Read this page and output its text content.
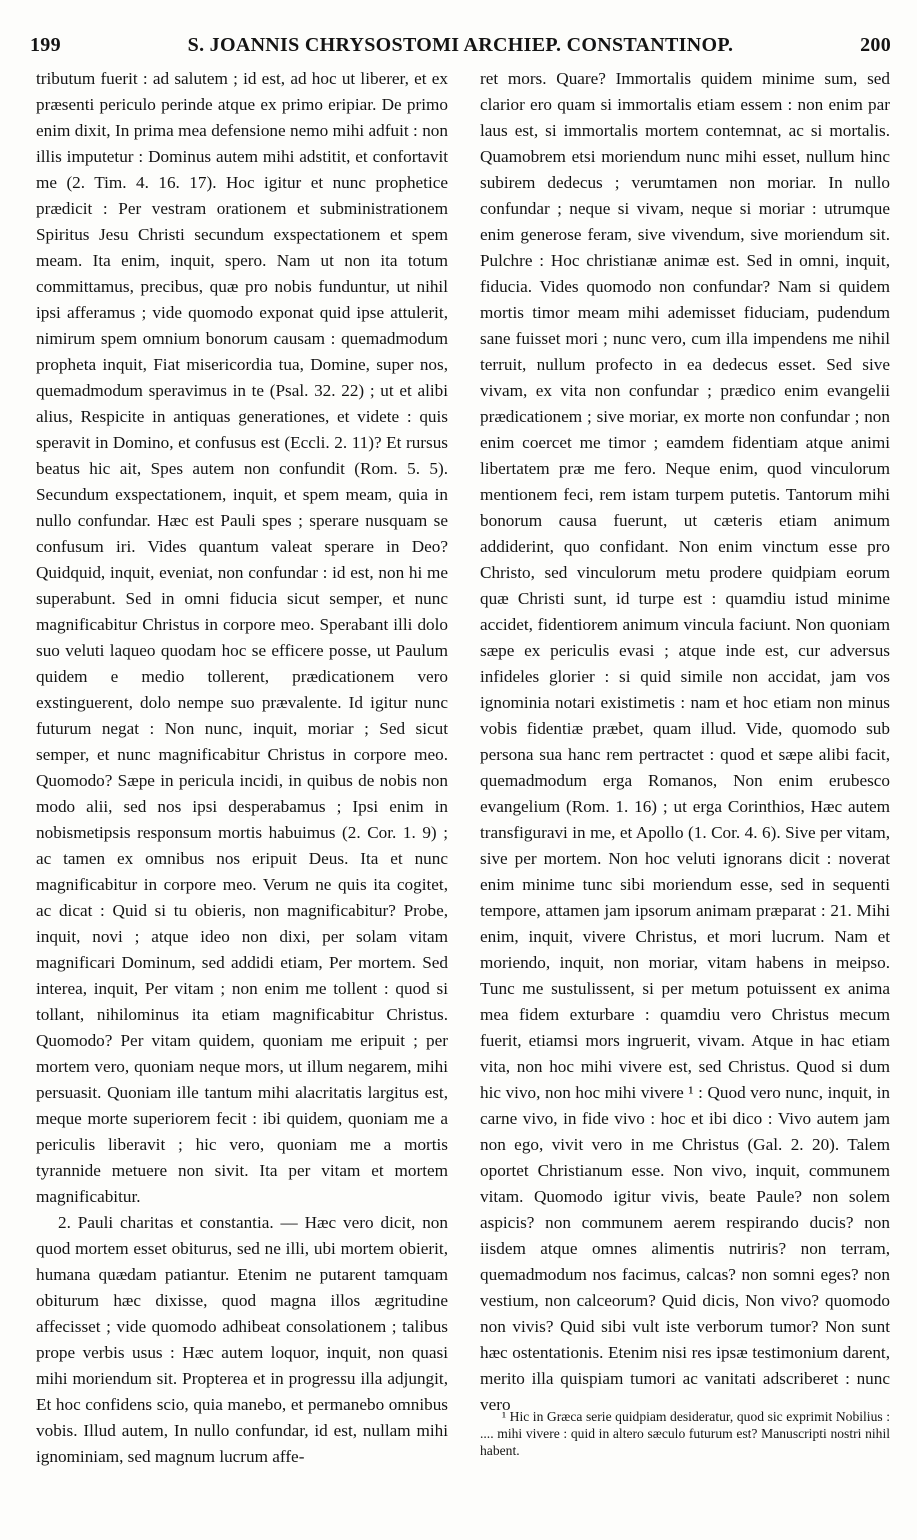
199	S. JOANNIS CHRYSOSTOMI ARCHIEP. CONSTANTINOP.	200

tributum fuerit : ad salutem ; id est, ad hoc ut liberer, et ex præsenti periculo perinde atque ex primo eripiar. De primo enim dixit, In prima mea defensione nemo mihi adfuit : non illis imputetur : Dominus autem mihi adstitit, et confortavit me (2. Tim. 4. 16. 17). Hoc igitur et nunc prophetice prædicit : Per vestram orationem et subministrationem Spiritus Jesu Christi secundum exspectationem et spem meam. Ita enim, inquit, spero. Nam ut non ita totum committamus, precibus, quæ pro nobis funduntur, ut nihil ipsi afferamus ; vide quomodo exponat quid ipse attulerit, nimirum spem omnium bonorum causam : quemadmodum propheta inquit, Fiat misericordia tua, Domine, super nos, quemadmodum speravimus in te (Psal. 32. 22) ; ut et alibi alius, Respicite in antiquas generationes, et videte : quis speravit in Domino, et confusus est (Eccli. 2. 11)? Et rursus beatus hic ait, Spes autem non confundit (Rom. 5. 5). Secundum exspectationem, inquit, et spem meam, quia in nullo confundar. Hæc est Pauli spes ; sperare nusquam se confusum iri. Vides quantum valeat sperare in Deo? Quidquid, inquit, eveniat, non confundar : id est, non hi me superabunt. Sed in omni fiducia sicut semper, et nunc magnificabitur Christus in corpore meo. Sperabant illi dolo suo veluti laqueo quodam hoc se efficere posse, ut Paulum quidem e medio tollerent, prædicationem vero exstinguerent, dolo nempe suo prævalente. Id igitur nunc futurum negat : Non nunc, inquit, moriar ; Sed sicut semper, et nunc magnificabitur Christus in corpore meo. Quomodo? Sæpe in pericula incidi, in quibus de nobis non modo alii, sed nos ipsi desperabamus ; Ipsi enim in nobismetipsis responsum mortis habuimus (2. Cor. 1. 9) ; ac tamen ex omnibus nos eripuit Deus. Ita et nunc magnificabitur in corpore meo. Verum ne quis ita cogitet, ac dicat : Quid si tu obieris, non magnificabitur? Probe, inquit, novi ; atque ideo non dixi, per solam vitam magnificari Dominum, sed addidi etiam, Per mortem. Sed interea, inquit, Per vitam ; non enim me tollent : quod si tollant, nihilominus ita etiam magnificabitur Christus. Quomodo? Per vitam quidem, quoniam me eripuit ; per mortem vero, quoniam neque mors, ut illum negarem, mihi persuasit. Quoniam ille tantum mihi alacritatis largitus est, meque morte superiorem fecit : ibi quidem, quoniam me a periculis liberavit ; hic vero, quoniam me a mortis tyrannide metuere non sivit. Ita per vitam et mortem magnificabitur.

2. Pauli charitas et constantia. — Hæc vero dicit, non quod mortem esset obiturus, sed ne illi, ubi mortem obierit, humana quædam patiantur. Etenim ne putarent tamquam obiturum hæc dixisse, quod magna illos ægritudine affecisset ; vide quomodo adhibeat consolationem ; talibus prope verbis usus : Hæc autem loquor, inquit, non quasi mihi moriendum sit. Propterea et in progressu illa adjungit, Et hoc confidens scio, quia manebo, et permanebo omnibus vobis. Illud autem, In nullo confundar, id est, nullam mihi ignominiam, sed magnum lucrum affe-

ret mors. Quare? Immortalis quidem minime sum, sed clarior ero quam si immortalis etiam essem : non enim par laus est, si immortalis mortem contemnat, ac si mortalis. Quamobrem etsi moriendum nunc mihi esset, nullum hinc subirem dedecus ; verumtamen non moriar. In nullo confundar ; neque si vivam, neque si moriar : utrumque enim generose feram, sive vivendum, sive moriendum sit. Pulchre : Hoc christianæ animæ est. Sed in omni, inquit, fiducia. Vides quomodo non confundar? Nam si quidem mortis timor meam mihi ademisset fiduciam, pudendum sane fuisset mori ; nunc vero, cum illa impendens me nihil terruit, nullum profecto in ea dedecus esset. Sed sive vivam, ex vita non confundar ; prædico enim evangelii prædicationem ; sive moriar, ex morte non confundar ; non enim coercet me timor ; eamdem fidentiam atque animi libertatem præ me fero. Neque enim, quod vinculorum mentionem feci, rem istam turpem putetis. Tantorum mihi bonorum causa fuerunt, ut cæteris etiam animum addiderint, quo confidant. Non enim vinctum esse pro Christo, sed vinculorum metu prodere quidpiam eorum quæ Christi sunt, id turpe est : quamdiu istud minime accidet, fidentiorem animum vincula faciunt. Non quoniam sæpe ex periculis evasi ; atque inde est, cur adversus infideles glorier : si quid simile non accidat, jam vos ignominia notari existimetis : nam et hoc etiam non minus vobis fidentiæ præbet, quam illud. Vide, quomodo sub persona sua hanc rem pertractet : quod et sæpe alibi facit, quemadmodum erga Romanos, Non enim erubesco evangelium (Rom. 1. 16) ; ut erga Corinthios, Hæc autem transfiguravi in me, et Apollo (1. Cor. 4. 6). Sive per vitam, sive per mortem. Non hoc veluti ignorans dicit : noverat enim minime tunc sibi moriendum esse, sed in sequenti tempore, attamen jam ipsorum animam præparat : 21. Mihi enim, inquit, vivere Christus, et mori lucrum. Nam et moriendo, inquit, non moriar, vitam habens in meipso. Tunc me sustulissent, si per metum potuissent ex anima mea fidem exturbare : quamdiu vero Christus mecum fuerit, etiamsi mors ingruerit, vivam. Atque in hac etiam vita, non hoc mihi vivere est, sed Christus. Quod si dum hic vivo, non hoc mihi vivere ¹ : Quod vero nunc, inquit, in carne vivo, in fide vivo : hoc et ibi dico : Vivo autem jam non ego, vivit vero in me Christus (Gal. 2. 20). Talem oportet Christianum esse. Non vivo, inquit, communem vitam. Quomodo igitur vivis, beate Paule? non solem aspicis? non communem aerem respirando ducis? non iisdem atque omnes alimentis nutriris? non terram, quemadmodum nos facimus, calcas? non somni eges? non vestium, non calceorum? Quid dicis, Non vivo? quomodo non vivis? Quid sibi vult iste verborum tumor? Non sunt hæc ostentationis. Etenim nisi res ipsæ testimonium darent, merito illa quispiam tumori ac vanitati adscriberet : nunc vero

¹ Hic in Græca serie quidpiam desideratur, quod sic exprimit Nobilius : .... mihi vivere : quid in altero sæculo futurum est? Manuscripti nostri nihil habent.
